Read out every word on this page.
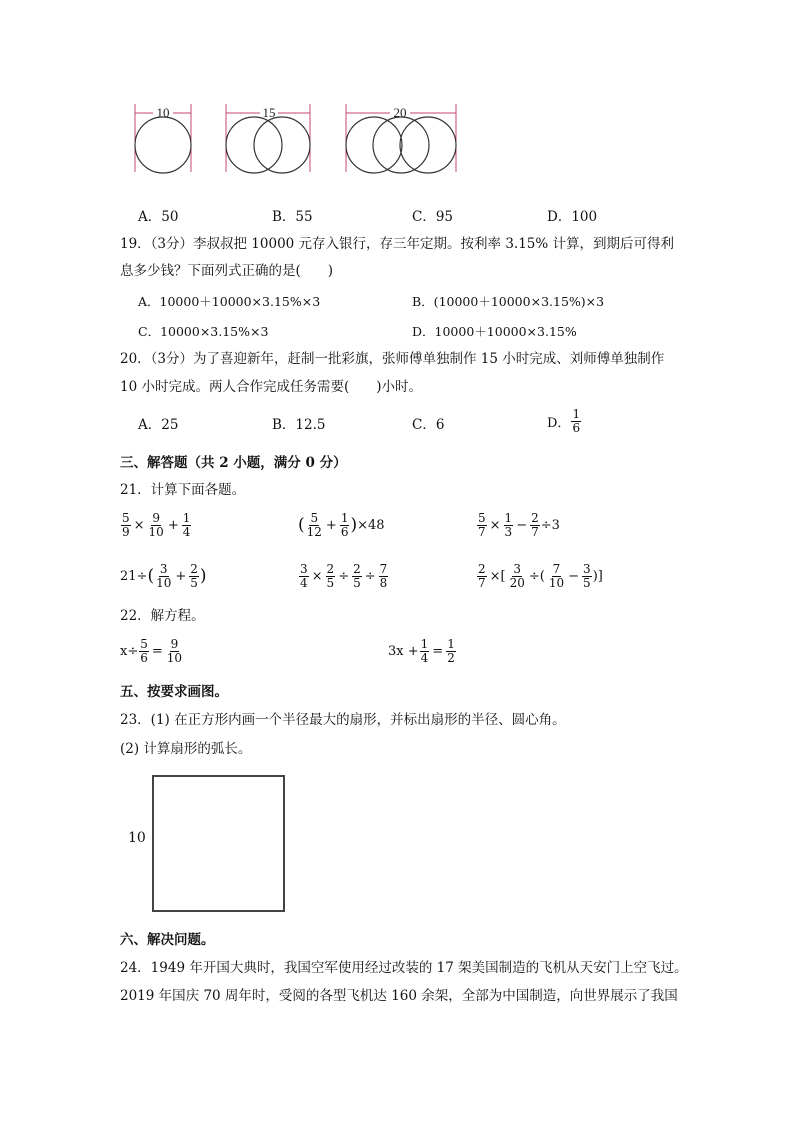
10	15	20
A．50	B．55	C．95	D．100
19．（3分）李叔叔把 10000 元存入银行，存三年定期。按利率 3.15% 计算，到期后可得利
息多少钱？下面列式正确的是(　　)
A．10000＋10000×3.15%×3	B．(10000＋10000×3.15%)×3
C．10000×3.15%×3	D．10000＋10000×3.15%
20．（3分）为了喜迎新年，赶制一批彩旗，张师傅单独制作 15 小时完成、刘师傅单独制作
10 小时完成。两人合作完成任务需要(　　)小时。
A．25	B．12.5	C．6	D． $\frac{1}{6}$
三、解答题（共 2 小题，满分 0 分）
21．计算下面各题。
$\frac{5}{9} \times \frac{9}{10} + \frac{1}{4}$	( $\frac{5}{12} + \frac{1}{6}$ ) ×48	$\frac{5}{7} \times \frac{1}{3} - \frac{2}{7} \div 3$
21÷ ( $\frac{3}{10} + \frac{2}{5}$ )	$\frac{3}{4} \times \frac{2}{5} \div \frac{2}{5} \div \frac{7}{8}$	$\frac{2}{7}$ ×[ $\frac{3}{20}$ ÷( $\frac{7}{10} - \frac{3}{5}$ )]
22．解方程。
$x\div \frac{5}{6} = \frac{9}{10}$	$3x + \frac{1}{4} = \frac{1}{2}$
五、按要求画图。
23．(1) 在正方形内画一个半径最大的扇形，并标出扇形的半径、圆心角。
(2) 计算扇形的弧长。
10
六、解决问题。
24．1949 年开国大典时，我国空军使用经过改装的 17 架美国制造的飞机从天安门上空飞过。
2019 年国庆 70 周年时，受阅的各型飞机达 160 余架，全部为中国制造，向世界展示了我国
